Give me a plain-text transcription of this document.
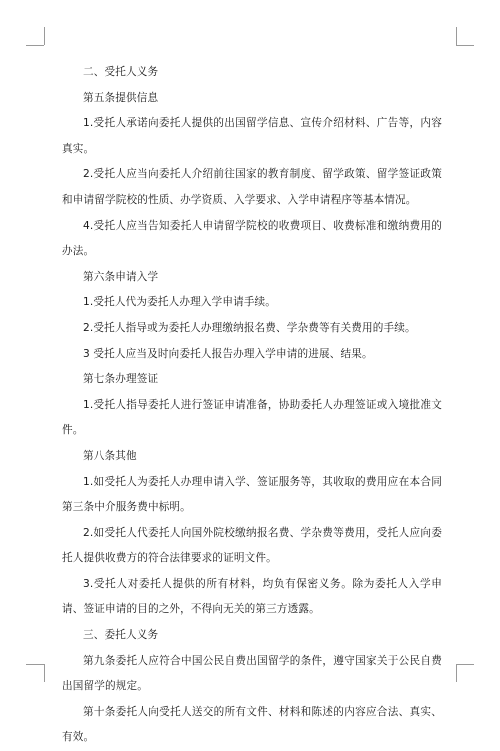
二、受托人义务

第五条提供信息

1.受托人承诺向委托人提供的出国留学信息、宣传介绍材料、广告等，内容真实。

2.受托人应当向委托人介绍前往国家的教育制度、留学政策、留学签证政策和申请留学院校的性质、办学资质、入学要求、入学申请程序等基本情况。

4.受托人应当告知委托人申请留学院校的收费项目、收费标准和缴纳费用的办法。

第六条申请入学

1.受托人代为委托人办理入学申请手续。

2.受托人指导或为委托人办理缴纳报名费、学杂费等有关费用的手续。

3 受托人应当及时向委托人报告办理入学申请的进展、结果。

第七条办理签证

1.受托人指导委托人进行签证申请准备，协助委托人办理签证或入境批准文件。

第八条其他

1.如受托人为委托人办理申请入学、签证服务等，其收取的费用应在本合同第三条中介服务费中标明。

2.如受托人代委托人向国外院校缴纳报名费、学杂费等费用，受托人应向委托人提供收费方的符合法律要求的证明文件。

3.受托人对委托人提供的所有材料，均负有保密义务。除为委托人入学申请、签证申请的目的之外，不得向无关的第三方透露。

三、委托人义务

第九条委托人应符合中国公民自费出国留学的条件，遵守国家关于公民自费出国留学的规定。

第十条委托人向受托人送交的所有文件、材料和陈述的内容应合法、真实、有效。
